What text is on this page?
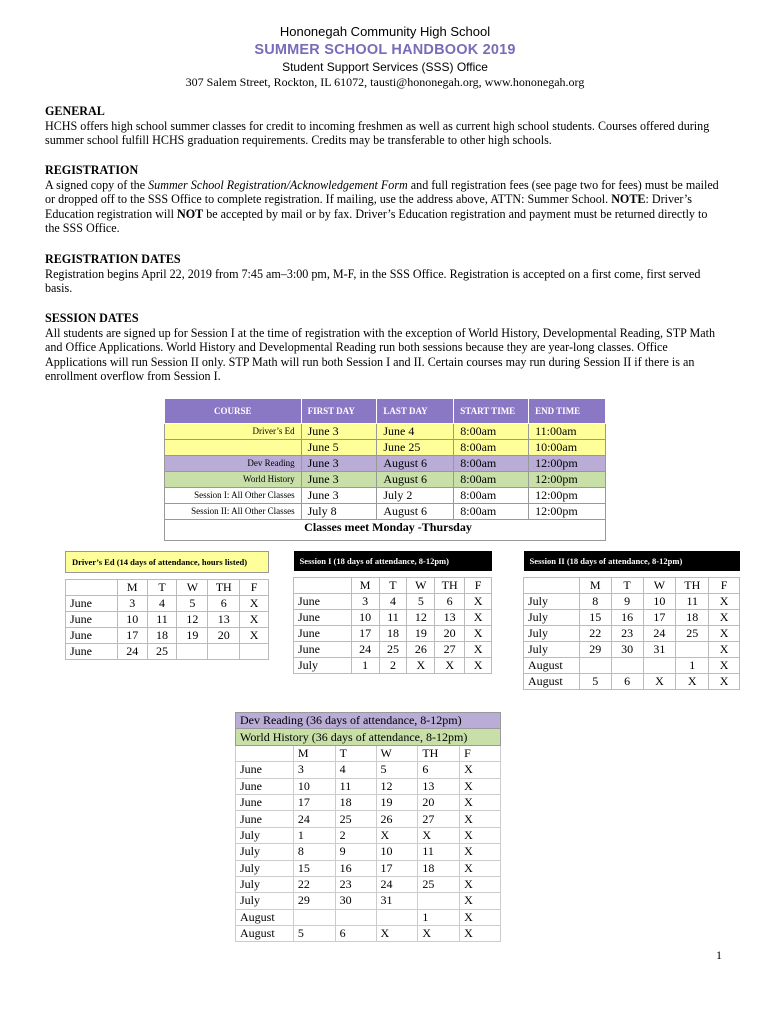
Hononegah Community High School
SUMMER SCHOOL HANDBOOK 2019
Student Support Services (SSS) Office
307 Salem Street, Rockton, IL 61072, tausti@hononegah.org, www.hononegah.org
GENERAL

HCHS offers high school summer classes for credit to incoming freshmen as well as current high school students. Courses offered during summer school fulfill HCHS graduation requirements. Credits may be transferable to other high schools.

REGISTRATION

A signed copy of the Summer School Registration/Acknowledgement Form and full registration fees (see page two for fees) must be mailed or dropped off to the SSS Office to complete registration. If mailing, use the address above, ATTN: Summer School. NOTE: Driver’s Education registration will NOT be accepted by mail or by fax. Driver’s Education registration and payment must be returned directly to the SSS Office.

REGISTRATION DATES

Registration begins April 22, 2019 from 7:45 am–3:00 pm, M-F, in the SSS Office. Registration is accepted on a first come, first served basis.

SESSION DATES

All students are signed up for Session I at the time of registration with the exception of World History, Developmental Reading, STP Math and Office Applications. World History and Developmental Reading run both sessions because they are year-long classes. Office Applications will run Session II only. STP Math will run both Session I and II. Certain courses may run during Session II if there is an enrollment overflow from Session I.

COURSE	FIRST DAY	LAST DAY	START TIME	END TIME
Driver’s Ed	June 3	June 4	8:00am	11:00am
	June 5	June 25	8:00am	10:00am
Dev Reading	June 3	August 6	8:00am	12:00pm
World History	June 3	August 6	8:00am	12:00pm
Session I: All Other Classes	June 3	July 2	8:00am	12:00pm
Session II: All Other Classes	July 8	August 6	8:00am	12:00pm
Classes meet Monday -Thursday				
Driver’s Ed (14 days of attendance, hours listed)					

	M	T	W	TH	F
June	3	4	5	6	X
June	10	11	12	13	X
June	17	18	19	20	X
June	24	25			
Session I (18 days of attendance, 8-12pm)					

	M	T	W	TH	F
June	3	4	5	6	X
June	10	11	12	13	X
June	17	18	19	20	X
June	24	25	26	27	X
July	1	2	X	X	X
Session II (18 days of attendance, 8-12pm)					

	M	T	W	TH	F
July	8	9	10	11	X
July	15	16	17	18	X
July	22	23	24	25	X
July	29	30	31		X
August				1	X
August	5	6	X	X	X
Dev Reading (36 days of attendance, 8-12pm)					
World History (36 days of attendance, 8-12pm)					
	M	T	W	TH	F
June	3	4	5	6	X
June	10	11	12	13	X
June	17	18	19	20	X
June	24	25	26	27	X
July	1	2	X	X	X
July	8	9	10	11	X
July	15	16	17	18	X
July	22	23	24	25	X
July	29	30	31		X
August				1	X
August	5	6	X	X	X
1
